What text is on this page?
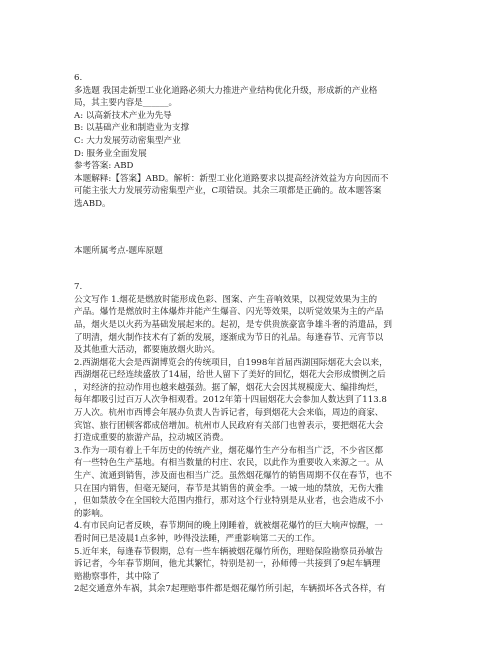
6.
多选题 我国走新型工业化道路必须大力推进产业结构优化升级，形成新的产业格
局，其主要内容是______。
A: 以高新技术产业为先导
B: 以基础产业和制造业为支撑
C: 大力发展劳动密集型产业
D: 服务业全面发展
参考答案: ABD
本题解释:【答案】ABD。解析：新型工业化道路要求以提高经济效益为方向因而不
可能主张大力发展劳动密集型产业，C项错误。其余三项都是正确的。故本题答案
选ABD。
本题所属考点-题库原题
7.
公文写作 1.烟花是燃放时能形成色彩、图案、产生音响效果，以视觉效果为主的
产品。爆竹是燃放时主体爆炸并能产生爆音、闪光等效果，以听觉效果为主的产品
品，烟火是以火药为基础发展起来的。起初，是专供贵族豪富争雄斗奢的消遣品，到
了明清，烟火制作技术有了新的发展，逐渐成为节日的礼品。每逢春节、元宵节以
及其他重大活动，都要施放烟火助兴。
2.西湖烟花大会是西湖博览会的传统项目，自1998年首届西湖国际烟花大会以来，
西湖烟花已经连续盛放了14届，给世人留下了美好的回忆，烟花大会形成惯例之后
，对经济的拉动作用也越来越强劲。据了解，烟花大会因其规模庞大、编排绚烂，
每年都吸引过百万人次争相观看。2012年第十四届烟花大会参加人数达到了113.8
万人次。杭州市西博会年展办负责人告诉记者，每到烟花大会来临，周边的商家、
宾馆、旅行团顿客都成倍增加。杭州市人民政府有关部门也曾表示，要把烟花大会
打造成重要的旅游产品，拉动城区消费。
3.作为一项有着上千年历史的传统产业，烟花爆竹生产分布相当广泛，不少省区都
有一些特色生产基地。有相当数量的村庄、农民，以此作为重要收入来源之一。从
生产、流通到销售，涉及面也相当广泛。虽然烟花爆竹的销售周期不仅在春节，也不
只在国内销售，但毫无疑问，春节是其销售的黄金季。一城一地的禁放，无伤大雅
，但如禁放令在全国较大范围内推行，那对这个行业特别是从业者，也会造成不小
的影响。
4.有市民向记者反映，春节期间的晚上刚睡着，就被烟花爆竹的巨大响声惊醒，一
看时间已是凌晨1点多钟，吵得没法睡，严重影响第二天的工作。
5.近年来，每逢春节假期，总有一些车辆被烟花爆竹所伤，理赔保险勘察员孙敏告
诉记者，今年春节期间，他尤其繁忙，特别是初一，孙师傅一共接到了9起车辆理
赔勘察事件，其中除了
2起交通意外车祸，其余7起理赔事件都是烟花爆竹所引起，车辆损坏各式各样，有
